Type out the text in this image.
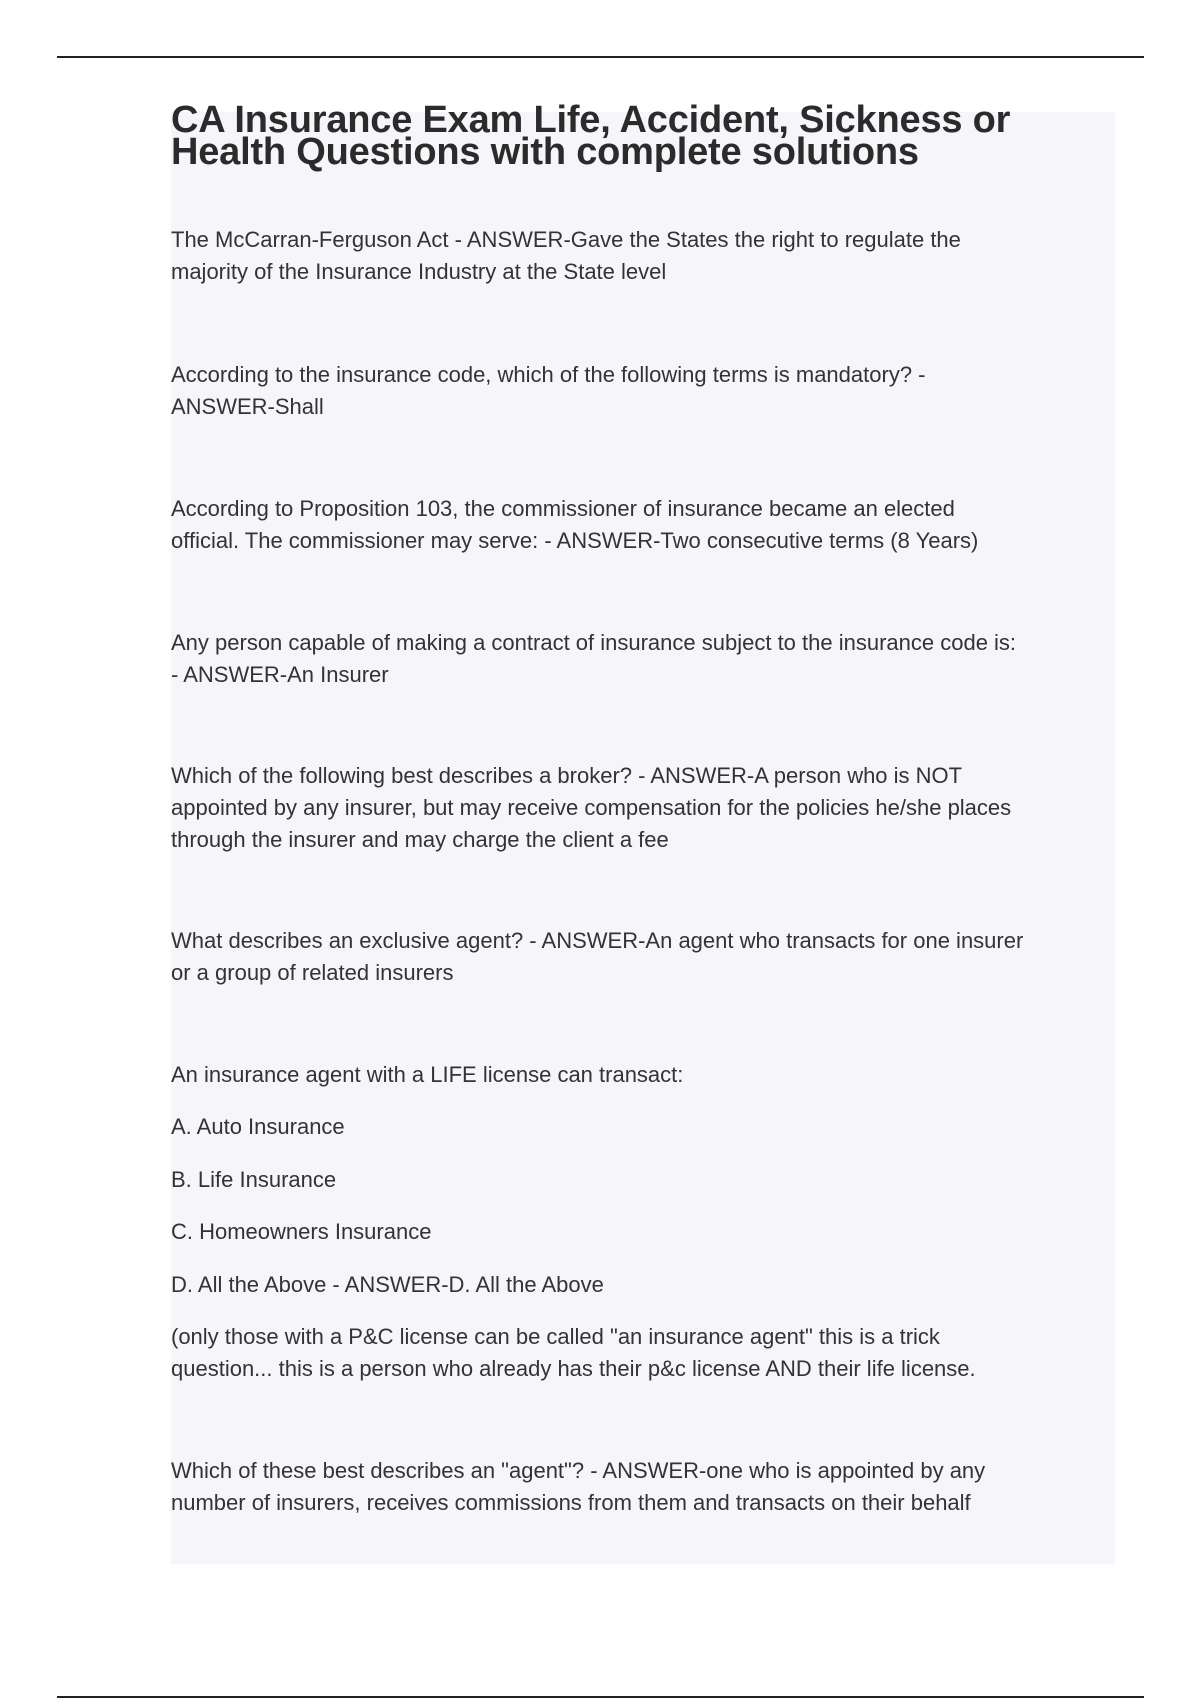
CA Insurance Exam Life, Accident, Sickness or Health Questions with complete solutions
The McCarran-Ferguson Act - ANSWER-Gave the States the right to regulate the
majority of the Insurance Industry at the State level
According to the insurance code, which of the following terms is mandatory? -
ANSWER-Shall
According to Proposition 103, the commissioner of insurance became an elected
official. The commissioner may serve: - ANSWER-Two consecutive terms (8 Years)
Any person capable of making a contract of insurance subject to the insurance code is:
- ANSWER-An Insurer
Which of the following best describes a broker? - ANSWER-A person who is NOT
appointed by any insurer, but may receive compensation for the policies he/she places
through the insurer and may charge the client a fee
What describes an exclusive agent? - ANSWER-An agent who transacts for one insurer
or a group of related insurers
An insurance agent with a LIFE license can transact:
A. Auto Insurance
B. Life Insurance
C. Homeowners Insurance
D. All the Above - ANSWER-D. All the Above
(only those with a P&C license can be called "an insurance agent" this is a trick
question... this is a person who already has their p&c license AND their life license.
Which of these best describes an "agent"? - ANSWER-one who is appointed by any
number of insurers, receives commissions from them and transacts on their behalf
